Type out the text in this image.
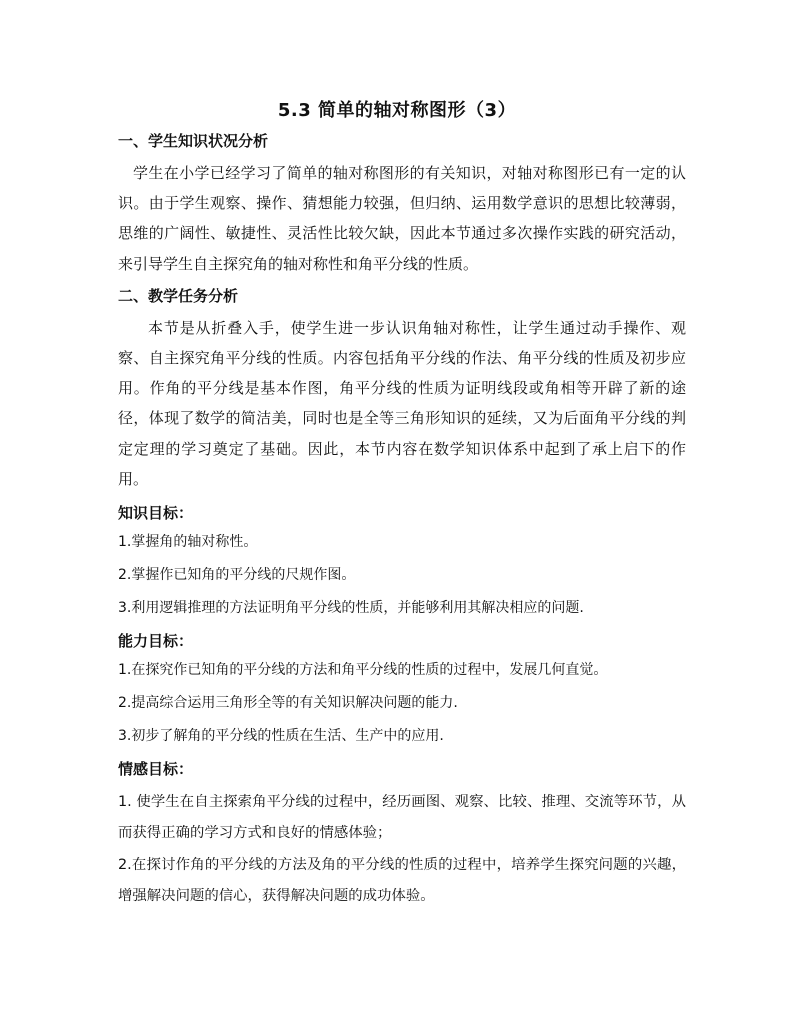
5.3 简单的轴对称图形（3）
一、学生知识状况分析

学生在小学已经学习了简单的轴对称图形的有关知识，对轴对称图形已有一定的认识。由于学生观察、操作、猜想能力较强，但归纳、运用数学意识的思想比较薄弱，思维的广阔性、敏捷性、灵活性比较欠缺，因此本节通过多次操作实践的研究活动，来引导学生自主探究角的轴对称性和角平分线的性质。

二、教学任务分析

本节是从折叠入手，使学生进一步认识角轴对称性，让学生通过动手操作、观察、自主探究角平分线的性质。内容包括角平分线的作法、角平分线的性质及初步应用。作角的平分线是基本作图，角平分线的性质为证明线段或角相等开辟了新的途径，体现了数学的简洁美，同时也是全等三角形知识的延续，又为后面角平分线的判定定理的学习奠定了基础。因此，本节内容在数学知识体系中起到了承上启下的作用。

知识目标：
1.掌握角的轴对称性。
2.掌握作已知角的平分线的尺规作图。
3.利用逻辑推理的方法证明角平分线的性质，并能够利用其解决相应的问题.
能力目标：
1.在探究作已知角的平分线的方法和角平分线的性质的过程中，发展几何直觉。
2.提高综合运用三角形全等的有关知识解决问题的能力.
3.初步了解角的平分线的性质在生活、生产中的应用.
情感目标：

1. 使学生在自主探索角平分线的过程中，经历画图、观察、比较、推理、交流等环节，从而获得正确的学习方式和良好的情感体验；

2.在探讨作角的平分线的方法及角的平分线的性质的过程中，培养学生探究问题的兴趣，增强解决问题的信心，获得解决问题的成功体验。
